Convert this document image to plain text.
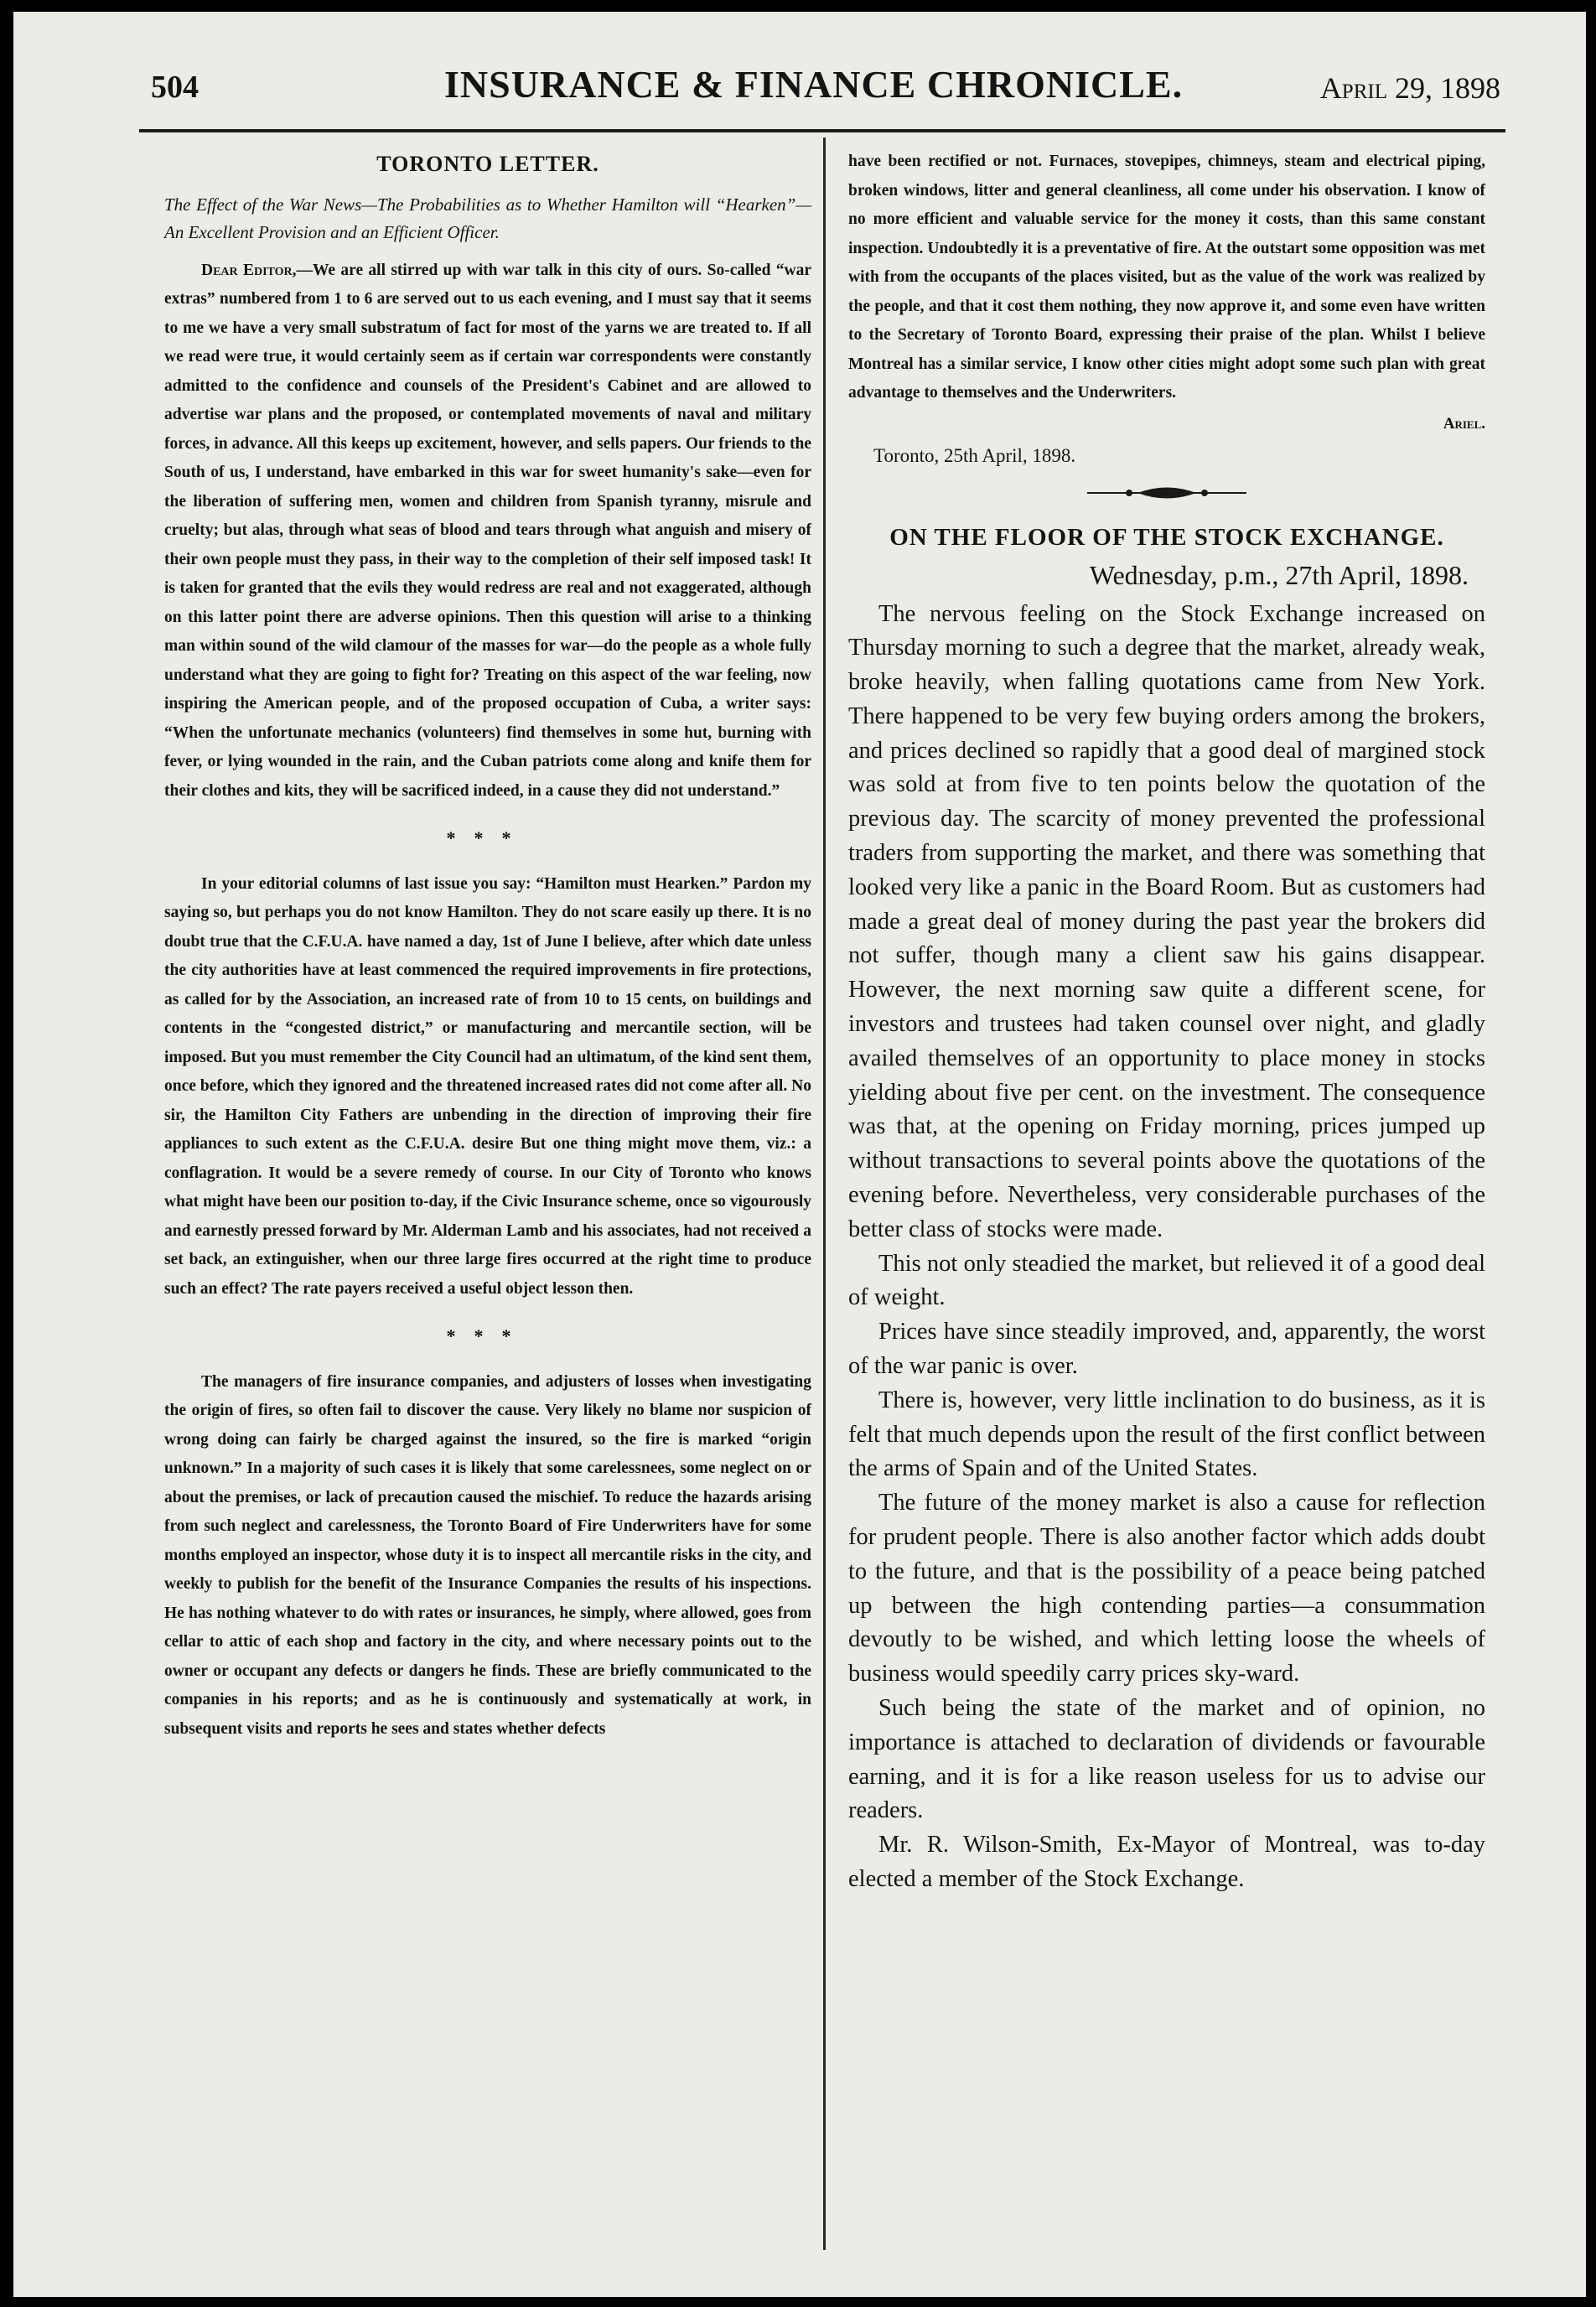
504	INSURANCE & FINANCE CHRONICLE.	April 29, 1898
TORONTO LETTER.
The Effect of the War News—The Probabilities as to Whether Hamilton will “Hearken”—An Excellent Provision and an Efficient Officer.

Dear Editor,—We are all stirred up with war talk in this city of ours. So-called “war extras” numbered from 1 to 6 are served out to us each evening, and I must say that it seems to me we have a very small substratum of fact for most of the yarns we are treated to. If all we read were true, it would certainly seem as if certain war correspondents were constantly admitted to the confidence and counsels of the President's Cabinet and are allowed to advertise war plans and the proposed, or contemplated movements of naval and military forces, in advance. All this keeps up excitement, however, and sells papers. Our friends to the South of us, I understand, have embarked in this war for sweet humanity's sake—even for the liberation of suffering men, women and children from Spanish tyranny, misrule and cruelty; but alas, through what seas of blood and tears through what anguish and misery of their own people must they pass, in their way to the completion of their self imposed task! It is taken for granted that the evils they would redress are real and not exaggerated, although on this latter point there are adverse opinions. Then this question will arise to a thinking man within sound of the wild clamour of the masses for war—do the people as a whole fully understand what they are going to fight for? Treating on this aspect of the war feeling, now inspiring the American people, and of the proposed occupation of Cuba, a writer says: “When the unfortunate mechanics (volunteers) find themselves in some hut, burning with fever, or lying wounded in the rain, and the Cuban patriots come along and knife them for their clothes and kits, they will be sacrificed indeed, in a cause they did not understand.”

***

In your editorial columns of last issue you say: “Hamilton must Hearken.” Pardon my saying so, but perhaps you do not know Hamilton. They do not scare easily up there. It is no doubt true that the C.F.U.A. have named a day, 1st of June I believe, after which date unless the city authorities have at least commenced the required improvements in fire protections, as called for by the Association, an increased rate of from 10 to 15 cents, on buildings and contents in the “congested district,” or manufacturing and mercantile section, will be imposed. But you must remember the City Council had an ultimatum, of the kind sent them, once before, which they ignored and the threatened increased rates did not come after all. No sir, the Hamilton City Fathers are unbending in the direction of improving their fire appliances to such extent as the C.F.U.A. desire But one thing might move them, viz.: a conflagration. It would be a severe remedy of course. In our City of Toronto who knows what might have been our position to-day, if the Civic Insurance scheme, once so vigourously and earnestly pressed forward by Mr. Alderman Lamb and his associates, had not received a set back, an extinguisher, when our three large fires occurred at the right time to produce such an effect? The rate payers received a useful object lesson then.

***

The managers of fire insurance companies, and adjusters of losses when investigating the origin of fires, so often fail to discover the cause. Very likely no blame nor suspicion of wrong doing can fairly be charged against the insured, so the fire is marked “origin unknown.” In a majority of such cases it is likely that some carelessnees, some neglect on or about the premises, or lack of precaution caused the mischief. To reduce the hazards arising from such neglect and carelessness, the Toronto Board of Fire Underwriters have for some months employed an inspector, whose duty it is to inspect all mercantile risks in the city, and weekly to publish for the benefit of the Insurance Companies the results of his inspections. He has nothing whatever to do with rates or insurances, he simply, where allowed, goes from cellar to attic of each shop and factory in the city, and where necessary points out to the owner or occupant any defects or dangers he finds. These are briefly communicated to the companies in his reports; and as he is continuously and systematically at work, in subsequent visits and reports he sees and states whether defects

have been rectified or not. Furnaces, stovepipes, chimneys, steam and electrical piping, broken windows, litter and general cleanliness, all come under his observation. I know of no more efficient and valuable service for the money it costs, than this same constant inspection. Undoubtedly it is a preventative of fire. At the outstart some opposition was met with from the occupants of the places visited, but as the value of the work was realized by the people, and that it cost them nothing, they now approve it, and some even have written to the Secretary of Toronto Board, expressing their praise of the plan. Whilst I believe Montreal has a similar service, I know other cities might adopt some such plan with great advantage to themselves and the Underwriters.

Ariel.
Toronto, 25th April, 1898.
ON THE FLOOR OF THE STOCK EXCHANGE.
Wednesday, p.m., 27th April, 1898.

The nervous feeling on the Stock Exchange increased on Thursday morning to such a degree that the market, already weak, broke heavily, when falling quotations came from New York. There happened to be very few buying orders among the brokers, and prices declined so rapidly that a good deal of margined stock was sold at from five to ten points below the quotation of the previous day. The scarcity of money prevented the professional traders from supporting the market, and there was something that looked very like a panic in the Board Room. But as customers had made a great deal of money during the past year the brokers did not suffer, though many a client saw his gains disappear. However, the next morning saw quite a different scene, for investors and trustees had taken counsel over night, and gladly availed themselves of an opportunity to place money in stocks yielding about five per cent. on the investment. The consequence was that, at the opening on Friday morning, prices jumped up without transactions to several points above the quotations of the evening before. Nevertheless, very considerable purchases of the better class of stocks were made.

This not only steadied the market, but relieved it of a good deal of weight.

Prices have since steadily improved, and, apparently, the worst of the war panic is over.

There is, however, very little inclination to do business, as it is felt that much depends upon the result of the first conflict between the arms of Spain and of the United States.

The future of the money market is also a cause for reflection for prudent people. There is also another factor which adds doubt to the future, and that is the possibility of a peace being patched up between the high contending parties—a consummation devoutly to be wished, and which letting loose the wheels of business would speedily carry prices sky-ward.

Such being the state of the market and of opinion, no importance is attached to declaration of dividends or favourable earning, and it is for a like reason useless for us to advise our readers.

Mr. R. Wilson-Smith, Ex-Mayor of Montreal, was to-day elected a member of the Stock Exchange.
